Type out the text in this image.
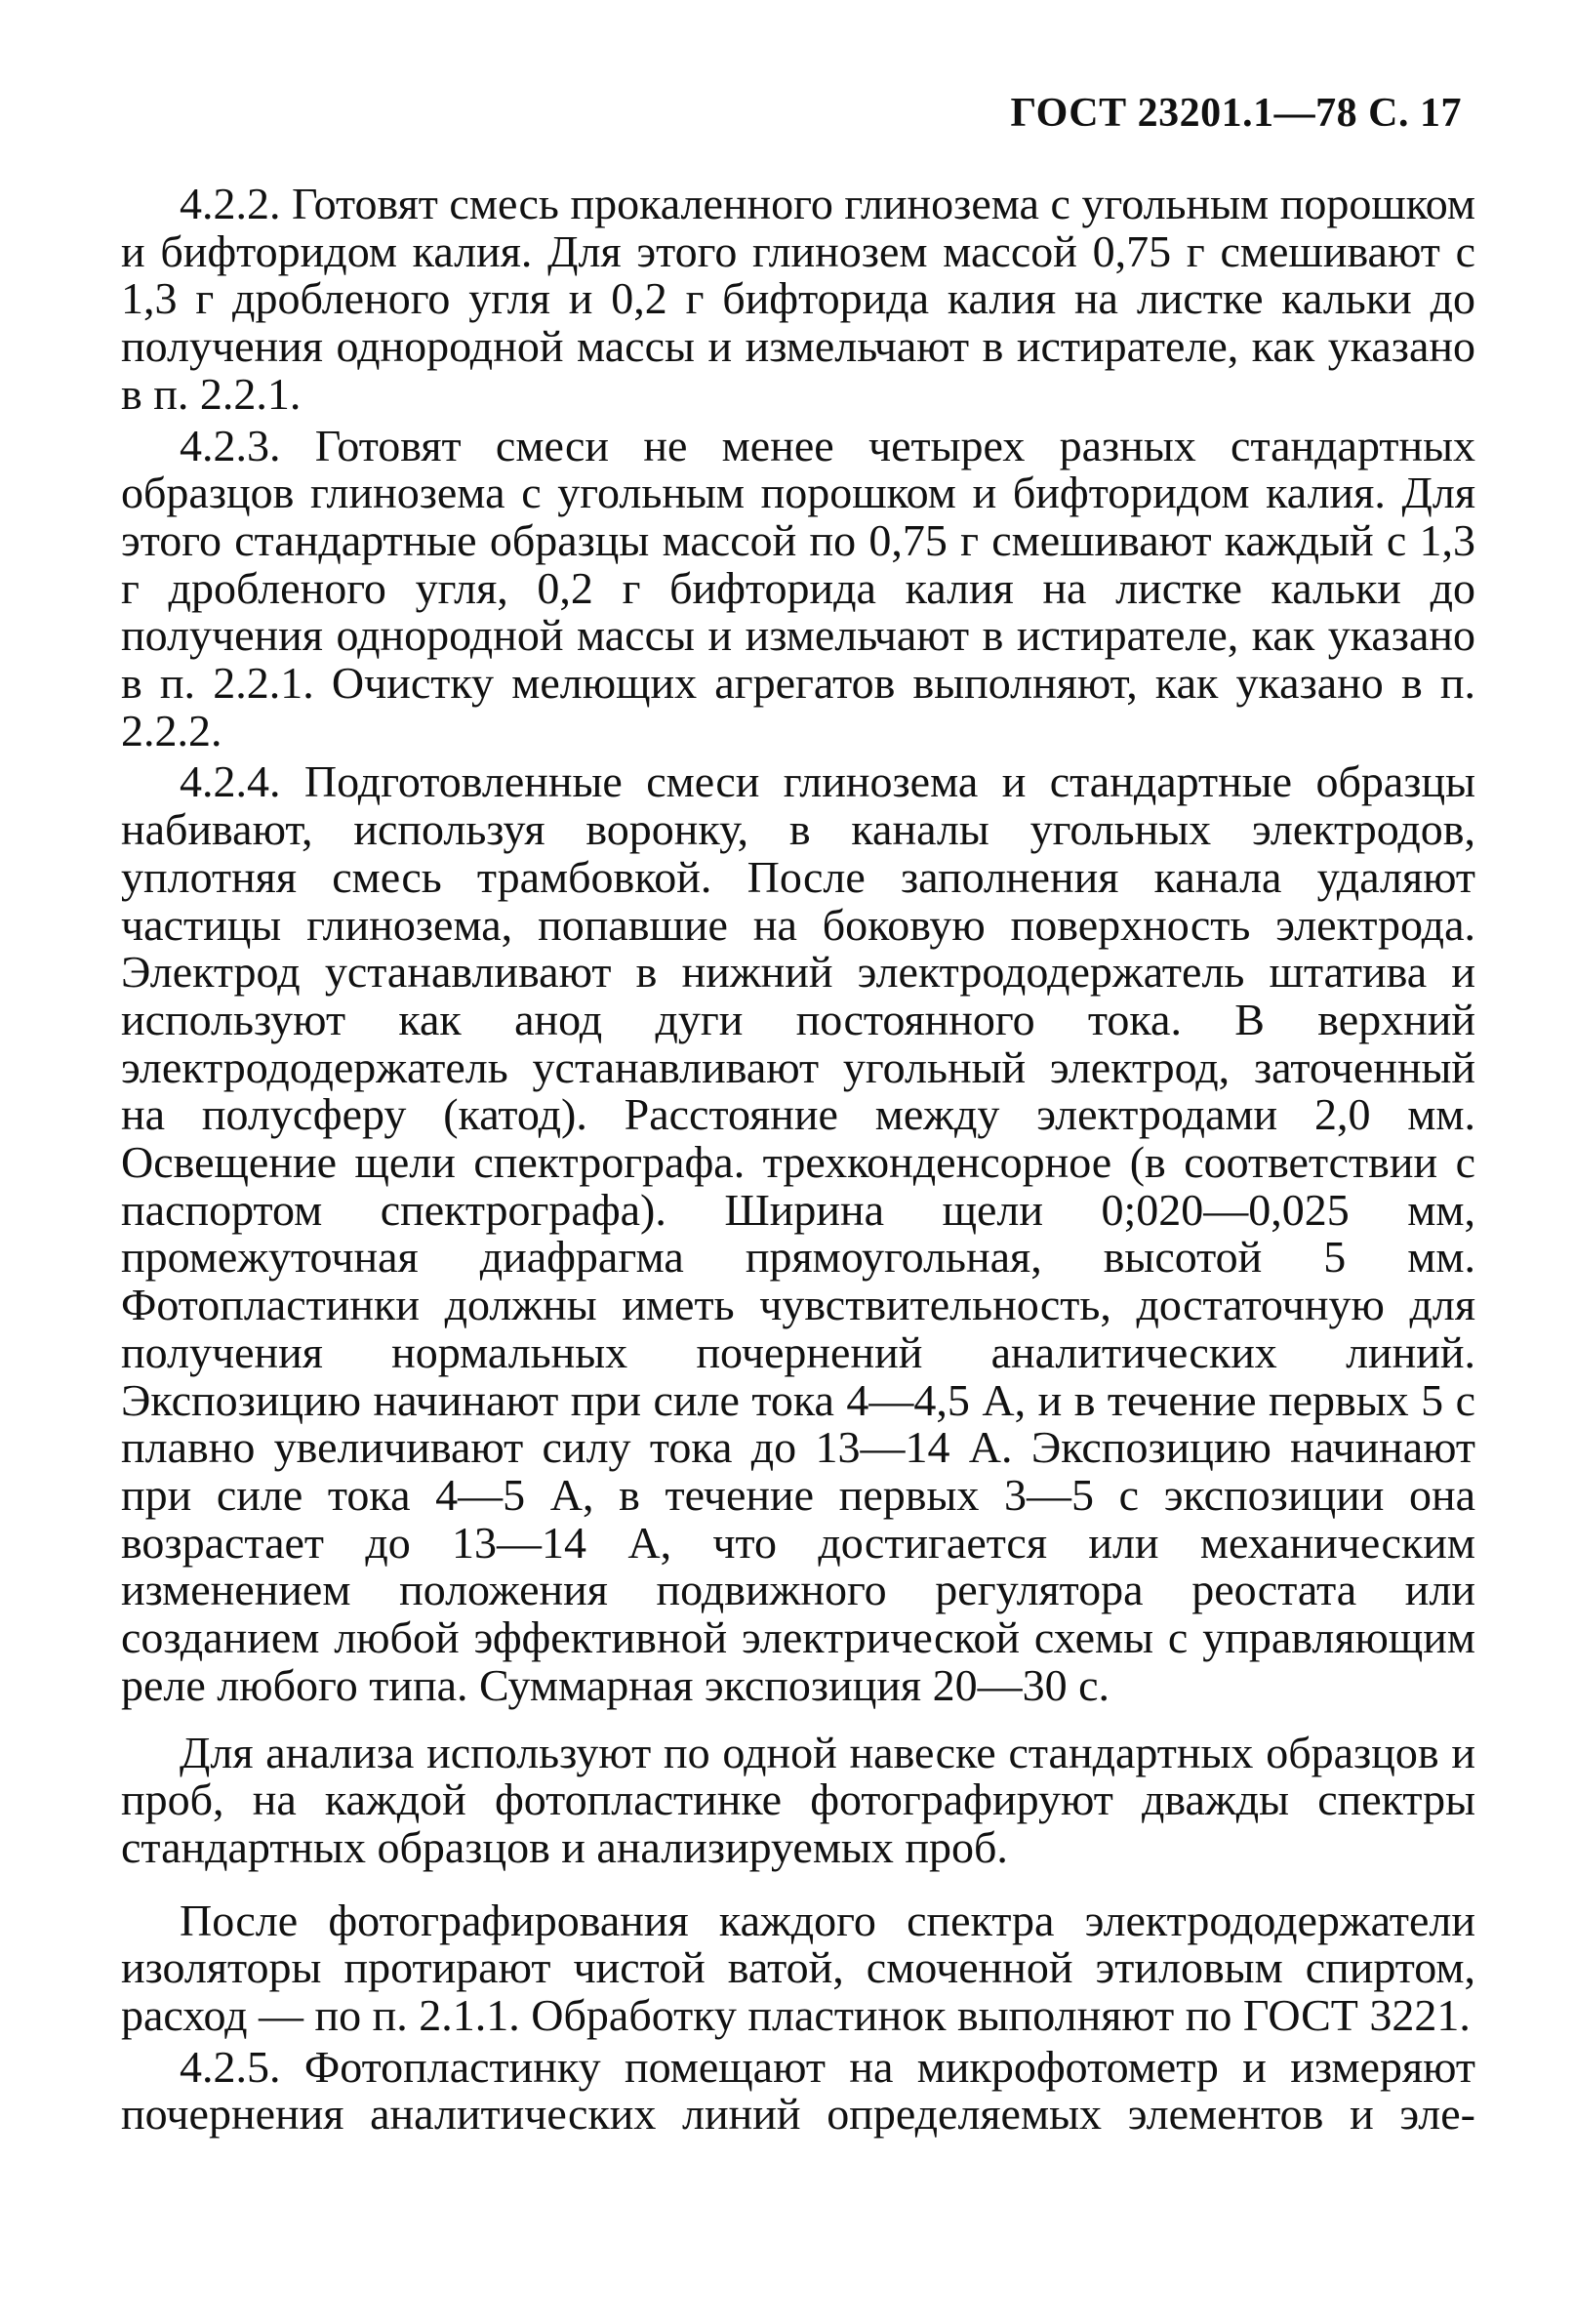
ГОСТ 23201.1—78 С. 17

4.2.2. Готовят смесь прокаленного глинозема с угольным порошком и бифторидом калия. Для этого глинозем массой 0,75 г смешивают с 1,3 г дробленого угля и 0,2 г бифторида калия на листке кальки до получения однородной массы и измельчают в истирателе, как указано в п. 2.2.1.

4.2.3. Готовят смеси не менее четырех разных стандартных образцов глинозема с угольным порошком и бифторидом калия. Для этого стандартные образцы массой по 0,75 г смешивают каждый с 1,3 г дробленого угля, 0,2 г бифторида калия на листке кальки до получения однородной массы и измельчают в истирателе, как указано в п. 2.2.1. Очистку мелющих агрегатов выполняют, как указано в п. 2.2.2.

4.2.4. Подготовленные смеси глинозема и стандартные образцы набивают, используя воронку, в каналы угольных электродов, уплотняя смесь трамбовкой. После заполнения канала удаляют частицы глинозема, попавшие на боковую поверхность электрода. Электрод устанавливают в нижний электрододержатель штатива и используют как анод дуги постоянного тока. В верхний электрододержатель устанавливают угольный электрод, заточенный на полусферу (катод). Расстояние между электродами 2,0 мм. Освещение щели спектрографа. трехконденсорное (в соответствии с паспортом спектрографа). Ширина щели 0;020—0,025 мм, промежуточная диафрагма прямоугольная, высотой 5 мм. Фотопластинки должны иметь чувствительность, достаточную для получения нормальных почернений аналитических линий. Экспозицию начинают при силе тока 4—4,5 А, и в течение первых 5 с плавно увеличивают силу тока до 13—14 А. Экспозицию начинают при силе тока 4—5 А, в течение первых 3—5 с экспозиции она возрастает до 13—14 А, что достигается или механическим изменением положения подвижного регулятора реостата или созданием любой эффективной электрической схемы с управляющим реле любого типа. Суммарная экспозиция 20—30 с.

Для анализа используют по одной навеске стандартных образцов и проб, на каждой фотопластинке фотографируют дважды спектры стандартных образцов и анализируемых проб.

После фотографирования каждого спектра электрододержатели изоляторы протирают чистой ватой, смоченной этиловым спиртом, расход — по п. 2.1.1. Обработку пластинок выполняют по ГОСТ 3221.

4.2.5. Фотопластинку помещают на микрофотометр и измеряют почернения аналитических линий определяемых элементов и эле-
